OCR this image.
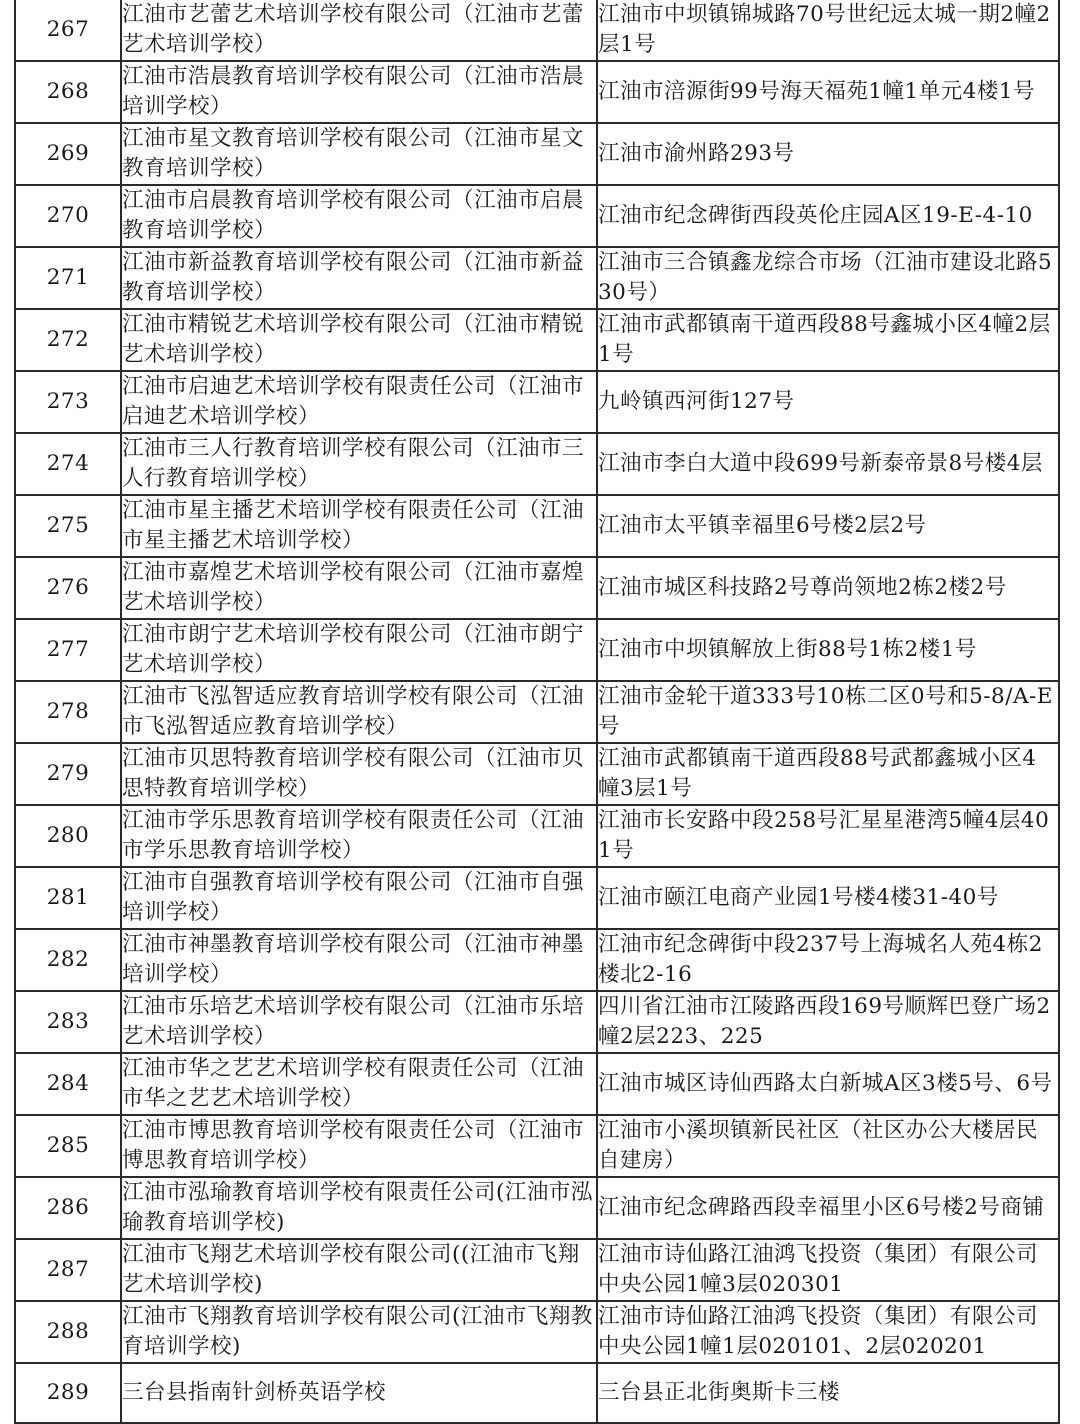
267	江油市艺蕾艺术培训学校有限公司（江油市艺蕾艺术培训学校）	江油市中坝镇锦城路70号世纪远太城一期2幢2层1号

268	江油市浩晨教育培训学校有限公司（江油市浩晨培训学校）	江油市涪源街99号海天福苑1幢1单元4楼1号

269	江油市星文教育培训学校有限公司（江油市星文教育培训学校）	江油市渝州路293号

270	江油市启晨教育培训学校有限公司（江油市启晨教育培训学校）	江油市纪念碑街西段英伦庄园A区19-E-4-10

271	江油市新益教育培训学校有限公司（江油市新益教育培训学校）	江油市三合镇鑫龙综合市场（江油市建设北路530号）

272	江油市精锐艺术培训学校有限公司（江油市精锐艺术培训学校）	江油市武都镇南干道西段88号鑫城小区4幢2层1号

273	江油市启迪艺术培训学校有限责任公司（江油市启迪艺术培训学校）	九岭镇西河街127号

274	江油市三人行教育培训学校有限公司（江油市三人行教育培训学校）	江油市李白大道中段699号新泰帝景8号楼4层

275	江油市星主播艺术培训学校有限责任公司（江油市星主播艺术培训学校）	江油市太平镇幸福里6号楼2层2号

276	江油市嘉煌艺术培训学校有限公司（江油市嘉煌艺术培训学校）	江油市城区科技路2号尊尚领地2栋2楼2号

277	江油市朗宁艺术培训学校有限公司（江油市朗宁艺术培训学校）	江油市中坝镇解放上街88号1栋2楼1号

278	江油市飞泓智适应教育培训学校有限公司（江油市飞泓智适应教育培训学校）	江油市金轮干道333号10栋二区0号和5-8/A-E号

279	江油市贝思特教育培训学校有限公司（江油市贝思特教育培训学校）	江油市武都镇南干道西段88号武都鑫城小区4幢3层1号

280	江油市学乐思教育培训学校有限责任公司（江油市学乐思教育培训学校）	江油市长安路中段258号汇星星港湾5幢4层401号

281	江油市自强教育培训学校有限公司（江油市自强培训学校）	江油市颐江电商产业园1号楼4楼31-40号

282	江油市神墨教育培训学校有限公司（江油市神墨培训学校）	江油市纪念碑街中段237号上海城名人苑4栋2楼北2-16

283	江油市乐培艺术培训学校有限公司（江油市乐培艺术培训学校）	四川省江油市江陵路西段169号顺辉巴登广场2幢2层223、225

284	江油市华之艺艺术培训学校有限责任公司（江油市华之艺艺术培训学校）	江油市城区诗仙西路太白新城A区3楼5号、6号

285	江油市博思教育培训学校有限责任公司（江油市博思教育培训学校）	江油市小溪坝镇新民社区（社区办公大楼居民自建房）

286	江油市泓瑜教育培训学校有限责任公司(江油市泓瑜教育培训学校)	江油市纪念碑路西段幸福里小区6号楼2号商铺

287	江油市飞翔艺术培训学校有限公司((江油市飞翔艺术培训学校)	江油市诗仙路江油鸿飞投资（集团）有限公司中央公园1幢3层020301

288	江油市飞翔教育培训学校有限公司(江油市飞翔教育培训学校)	江油市诗仙路江油鸿飞投资（集团）有限公司中央公园1幢1层020101、2层020201

289	三台县指南针剑桥英语学校	三台县正北街奥斯卡三楼
